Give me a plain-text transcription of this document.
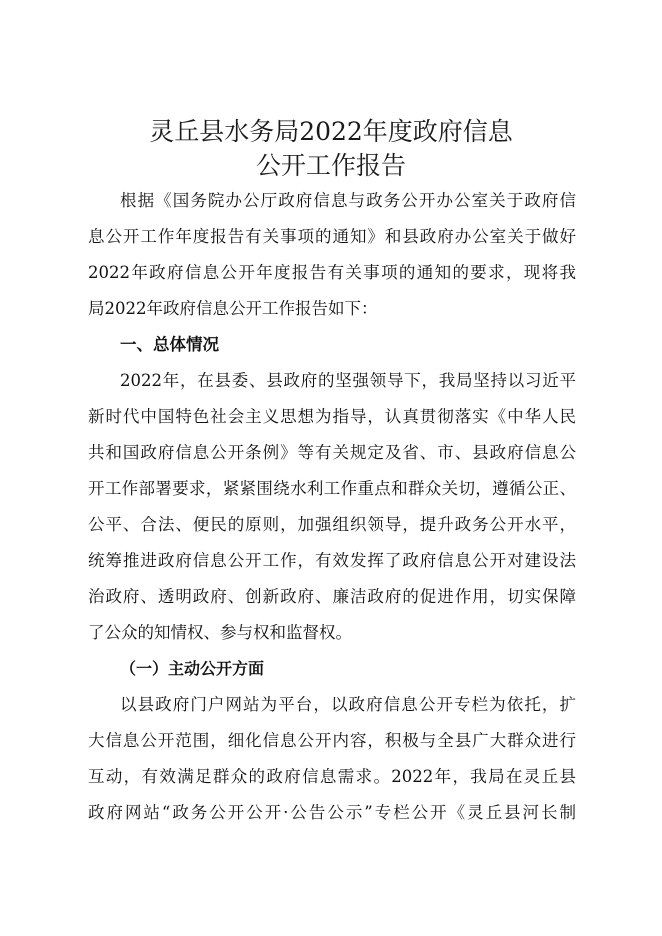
灵丘县水务局2022年度政府信息
公开工作报告
根据《国务院办公厅政府信息与政务公开办公室关于政府信
息公开工作年度报告有关事项的通知》和县政府办公室关于做好
2022年政府信息公开年度报告有关事项的通知的要求，现将我
局2022年政府信息公开工作报告如下：
一、总体情况
2022年，在县委、县政府的坚强领导下，我局坚持以习近平
新时代中国特色社会主义思想为指导，认真贯彻落实《中华人民
共和国政府信息公开条例》等有关规定及省、市、县政府信息公
开工作部署要求，紧紧围绕水利工作重点和群众关切，遵循公正、
公平、合法、便民的原则，加强组织领导，提升政务公开水平，
统筹推进政府信息公开工作，有效发挥了政府信息公开对建设法
治政府、透明政府、创新政府、廉洁政府的促进作用，切实保障
了公众的知情权、参与权和监督权。
（一）主动公开方面
以县政府门户网站为平台，以政府信息公开专栏为依托，扩
大信息公开范围，细化信息公开内容，积极与全县广大群众进行
互动，有效满足群众的政府信息需求。2022年，我局在灵丘县
政府网站“政务公开公开·公告公示”专栏公开《灵丘县河长制
